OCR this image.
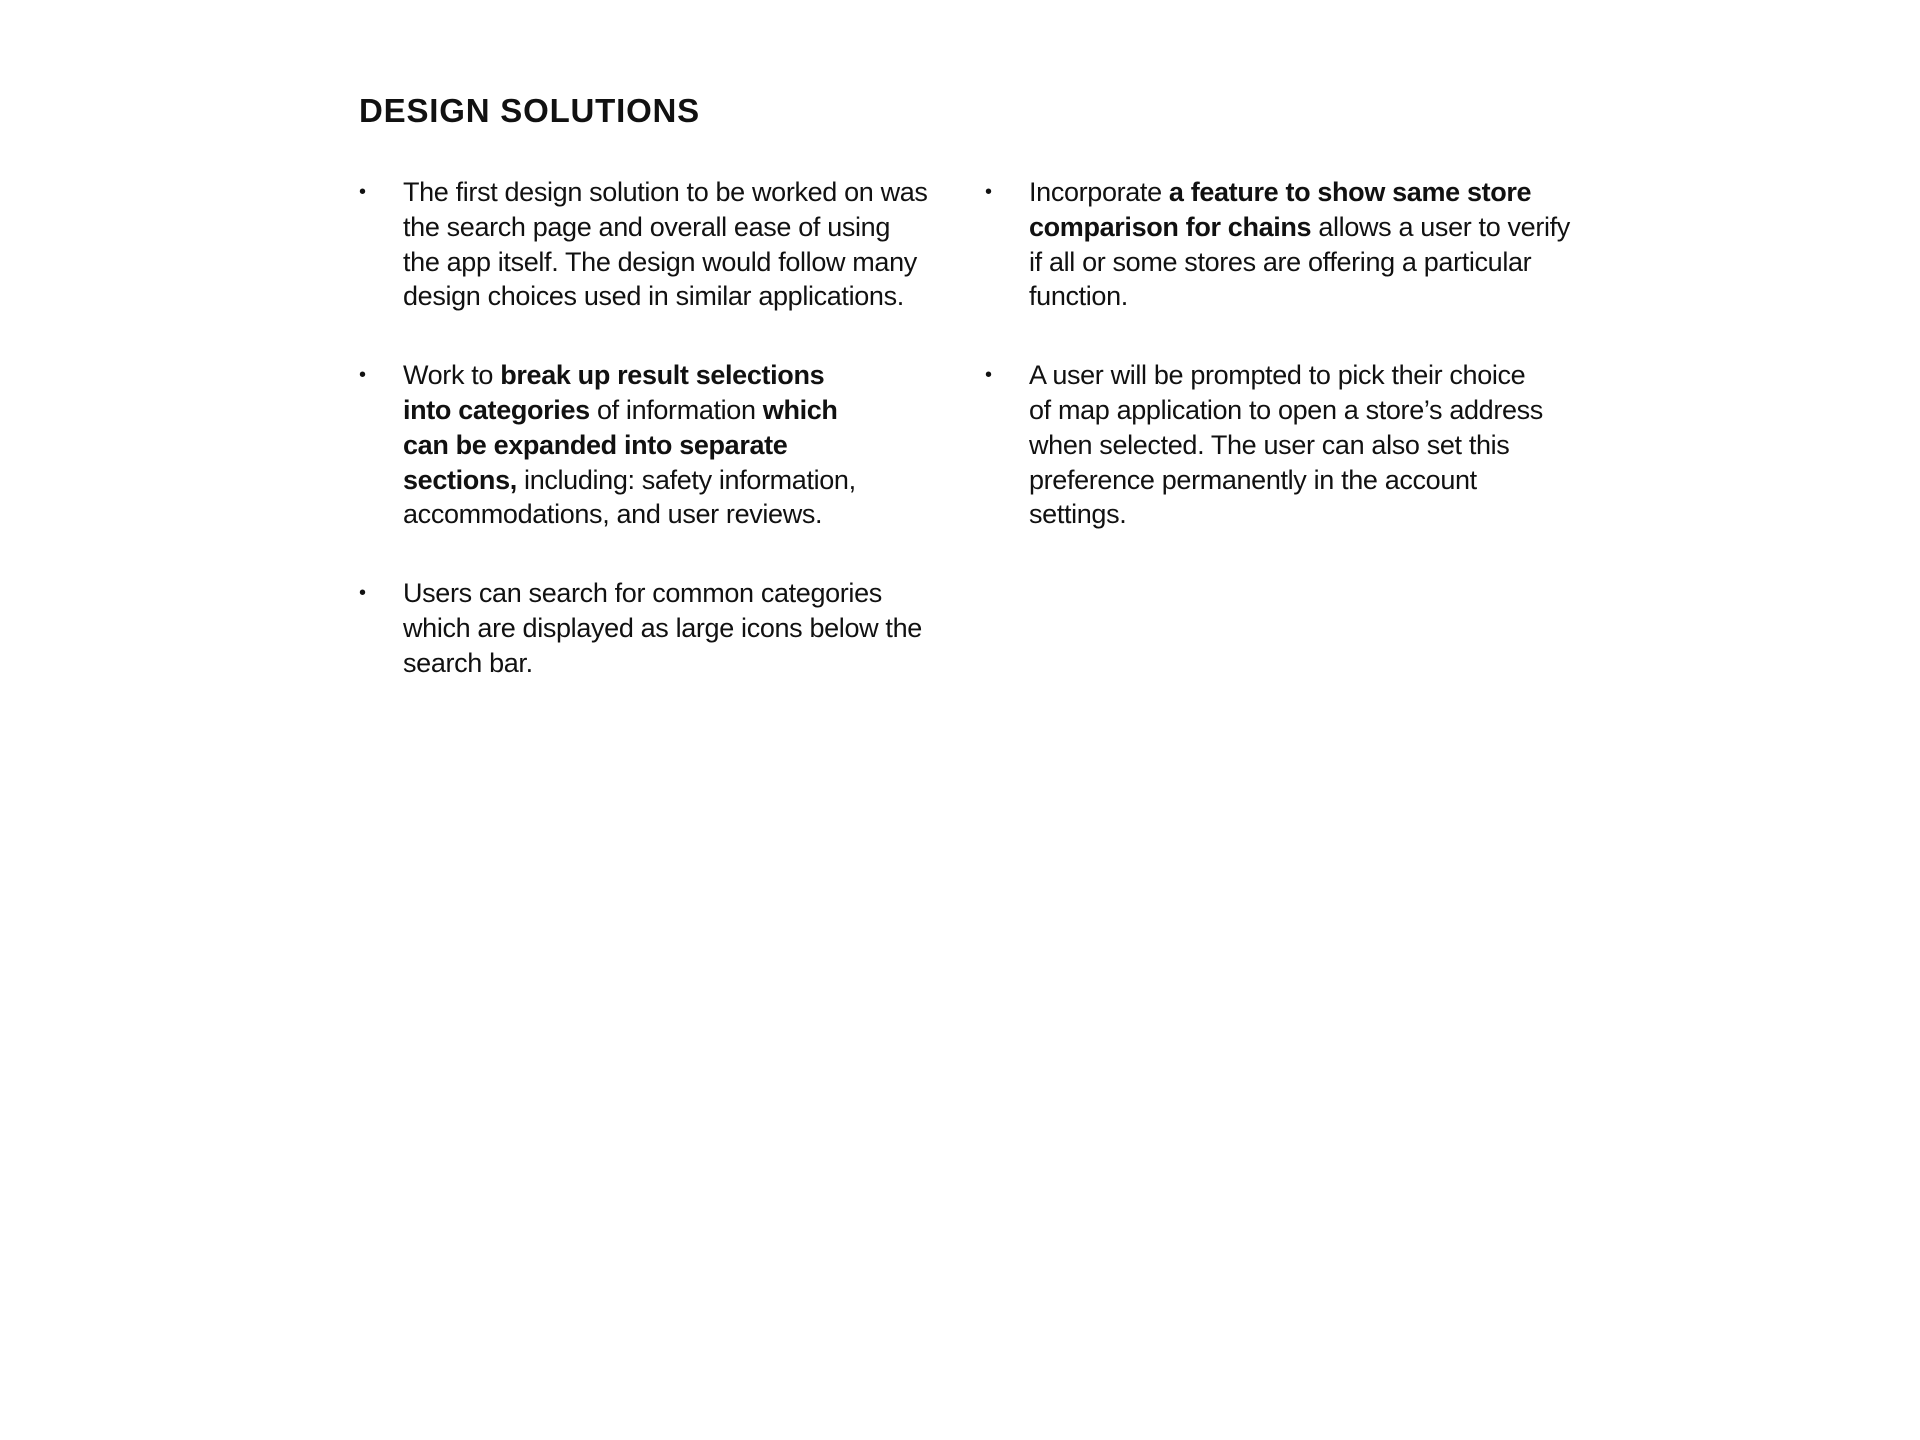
DESIGN SOLUTIONS
• The first design solution to be worked on was
the search page and overall ease of using
the app itself. The design would follow many
design choices used in similar applications.
• Work to break up result selections
into categories of information which
can be expanded into separate
sections, including: safety information,
accommodations, and user reviews.
• Users can search for common categories
which are displayed as large icons below the
search bar.
• Incorporate a feature to show same store
comparison for chains allows a user to verify
if all or some stores are offering a particular
function.
• A user will be prompted to pick their choice
of map application to open a store’s address
when selected. The user can also set this
preference permanently in the account
settings.
